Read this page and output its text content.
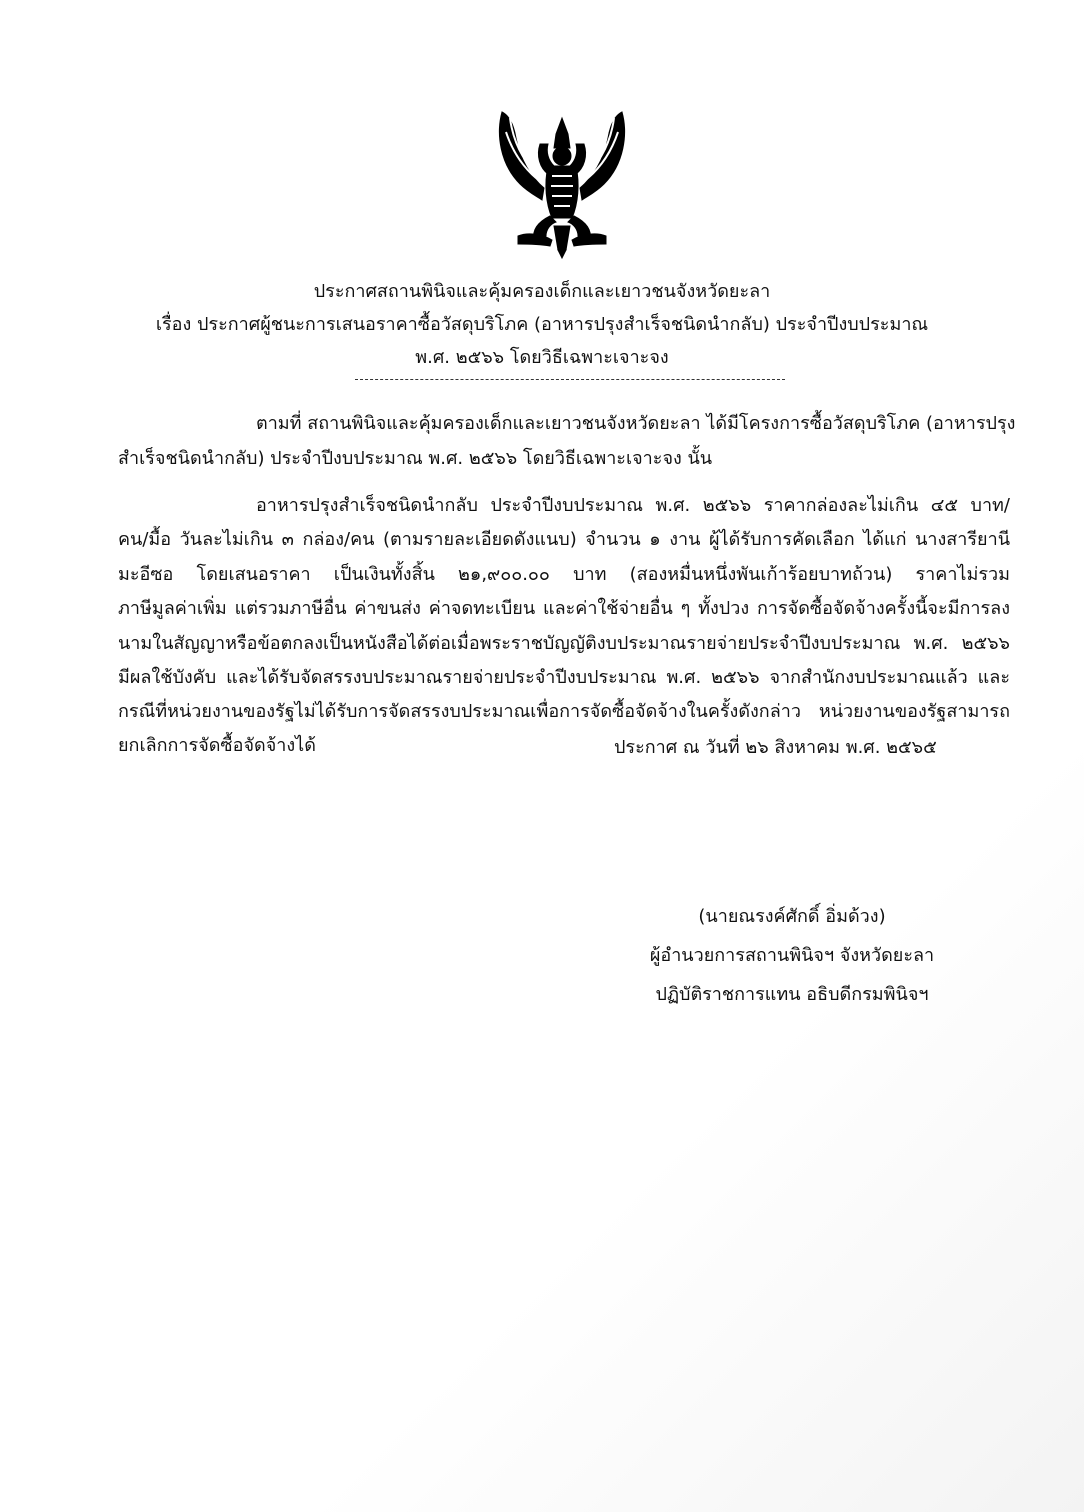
ประกาศสถานพินิจและคุ้มครองเด็กและเยาวชนจังหวัดยะลา
เรื่อง ประกาศผู้ชนะการเสนอราคาซื้อวัสดุบริโภค (อาหารปรุงสำเร็จชนิดนำกลับ) ประจำปีงบประมาณ
พ.ศ. ๒๕๖๖ โดยวิธีเฉพาะเจาะจง
ตามที่ สถานพินิจและคุ้มครองเด็กและเยาวชนจังหวัดยะลา ได้มีโครงการซื้อวัสดุบริโภค (อาหารปรุง
สำเร็จชนิดนำกลับ) ประจำปีงบประมาณ พ.ศ. ๒๕๖๖ โดยวิธีเฉพาะเจาะจง นั้น
อาหารปรุงสำเร็จชนิดนำกลับ ประจำปีงบประมาณ พ.ศ. ๒๕๖๖ ราคากล่องละไม่เกิน ๔๕ บาท/
คน/มื้อ วันละไม่เกิน ๓ กล่อง/คน (ตามรายละเอียดดังแนบ) จำนวน ๑ งาน ผู้ได้รับการคัดเลือก ได้แก่ นางสารียานี
มะอีซอ โดยเสนอราคา เป็นเงินทั้งสิ้น ๒๑,๙๐๐.๐๐ บาท (สองหมื่นหนึ่งพันเก้าร้อยบาทถ้วน) ราคาไม่รวม
ภาษีมูลค่าเพิ่ม แต่รวมภาษีอื่น ค่าขนส่ง ค่าจดทะเบียน และค่าใช้จ่ายอื่น ๆ ทั้งปวง การจัดซื้อจัดจ้างครั้งนี้จะมีการลง
นามในสัญญาหรือข้อตกลงเป็นหนังสือได้ต่อเมื่อพระราชบัญญัติงบประมาณรายจ่ายประจำปีงบประมาณ พ.ศ. ๒๕๖๖
มีผลใช้บังคับ และได้รับจัดสรรงบประมาณรายจ่ายประจำปีงบประมาณ พ.ศ. ๒๕๖๖ จากสำนักงบประมาณแล้ว และ
กรณีที่หน่วยงานของรัฐไม่ได้รับการจัดสรรงบประมาณเพื่อการจัดซื้อจัดจ้างในครั้งดังกล่าว หน่วยงานของรัฐสามารถ
ยกเลิกการจัดซื้อจัดจ้างได้	ประกาศ ณ วันที่ ๒๖ สิงหาคม พ.ศ. ๒๕๖๕
(นายณรงค์ศักดิ์ อิ่มด้วง)
ผู้อำนวยการสถานพินิจฯ จังหวัดยะลา
ปฏิบัติราชการแทน อธิบดีกรมพินิจฯ
